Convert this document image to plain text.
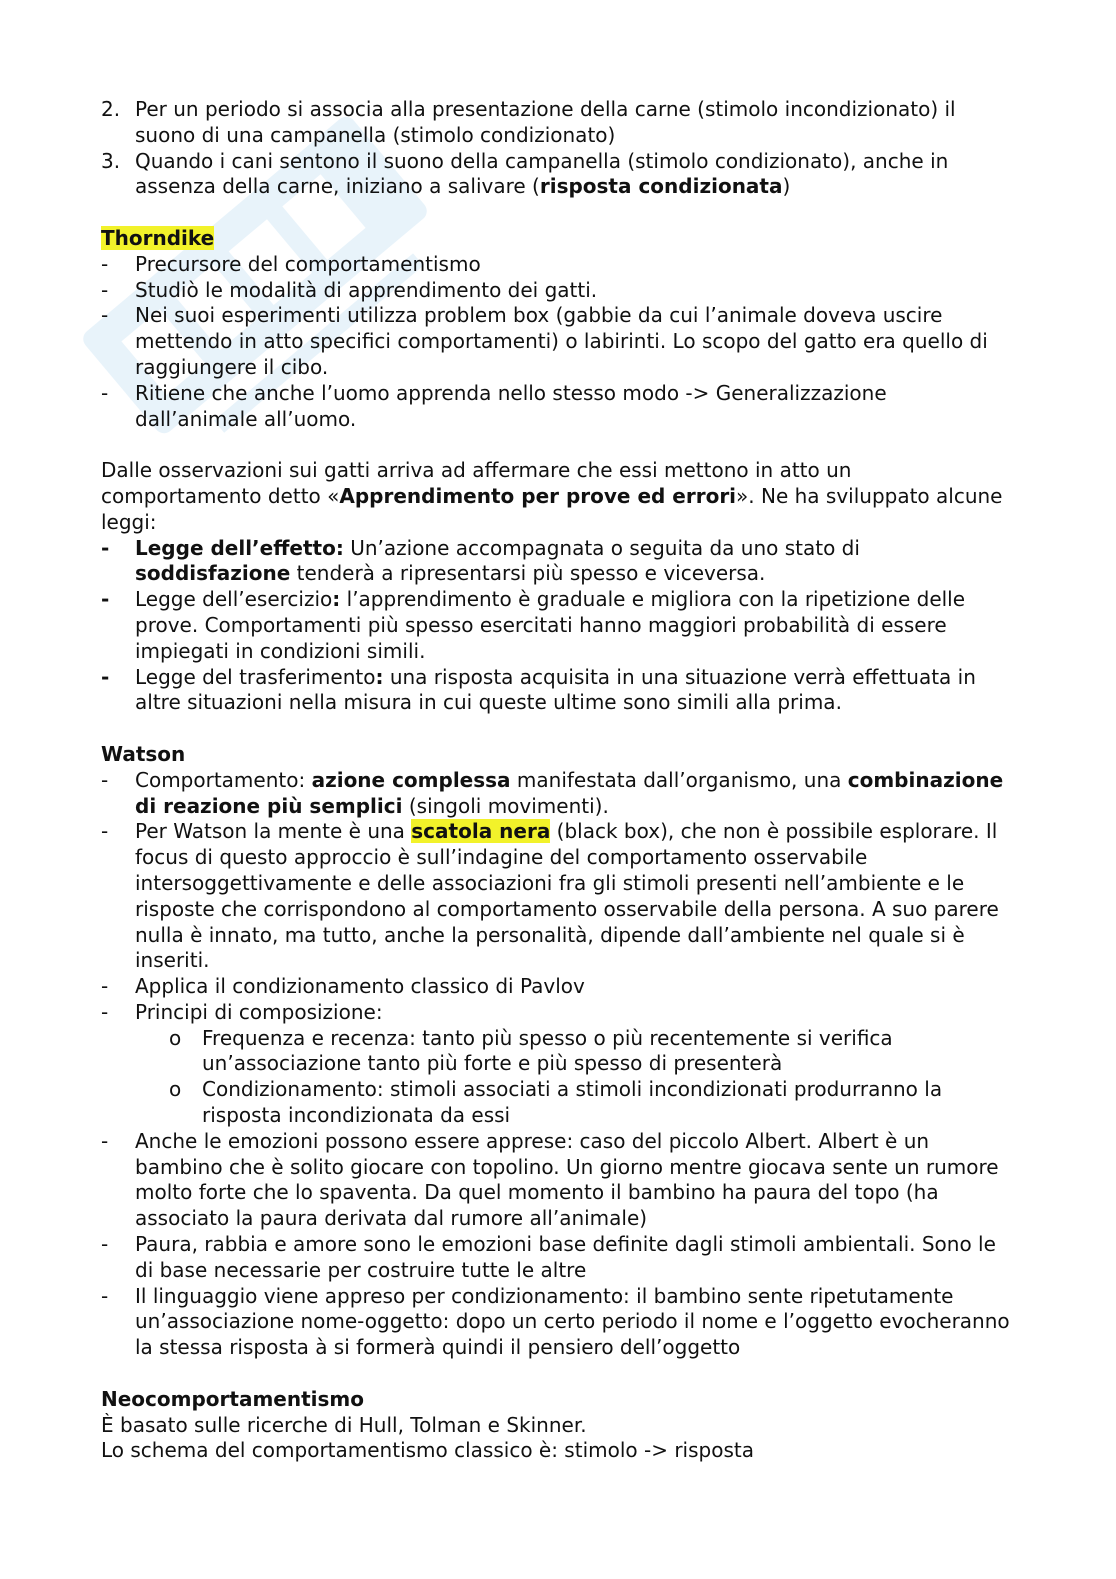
2. Per un periodo si associa alla presentazione della carne (stimolo incondizionato) il suono di una campanella (stimolo condizionato)
3. Quando i cani sentono il suono della campanella (stimolo condizionato), anche in assenza della carne, iniziano a salivare (risposta condizionata)
Thorndike
- Precursore del comportamentismo
- Studiò le modalità di apprendimento dei gatti.
- Nei suoi esperimenti utilizza problem box (gabbie da cui l’animale doveva uscire mettendo in atto specifici comportamenti) o labirinti. Lo scopo del gatto era quello di raggiungere il cibo.
- Ritiene che anche l’uomo apprenda nello stesso modo -> Generalizzazione dall’animale all’uomo.
Dalle osservazioni sui gatti arriva ad affermare che essi mettono in atto un comportamento detto «Apprendimento per prove ed errori». Ne ha sviluppato alcune leggi:
- Legge dell’effetto: Un’azione accompagnata o seguita da uno stato di soddisfazione tenderà a ripresentarsi più spesso e viceversa.
- Legge dell’esercizio: l’apprendimento è graduale e migliora con la ripetizione delle prove. Comportamenti più spesso esercitati hanno maggiori probabilità di essere impiegati in condizioni simili.
- Legge del trasferimento: una risposta acquisita in una situazione verrà effettuata in altre situazioni nella misura in cui queste ultime sono simili alla prima.
Watson
- Comportamento: azione complessa manifestata dall’organismo, una combinazione di reazione più semplici (singoli movimenti).
- Per Watson la mente è una scatola nera (black box), che non è possibile esplorare. Il focus di questo approccio è sull’indagine del comportamento osservabile intersoggettivamente e delle associazioni fra gli stimoli presenti nell’ambiente e le risposte che corrispondono al comportamento osservabile della persona. A suo parere nulla è innato, ma tutto, anche la personalità, dipende dall’ambiente nel quale si è inseriti.
- Applica il condizionamento classico di Pavlov
- Principi di composizione:
o Frequenza e recenza: tanto più spesso o più recentemente si verifica un’associazione tanto più forte e più spesso di presenterà
o Condizionamento: stimoli associati a stimoli incondizionati produrranno la risposta incondizionata da essi
- Anche le emozioni possono essere apprese: caso del piccolo Albert. Albert è un bambino che è solito giocare con topolino. Un giorno mentre giocava sente un rumore molto forte che lo spaventa. Da quel momento il bambino ha paura del topo (ha associato la paura derivata dal rumore all’animale)
- Paura, rabbia e amore sono le emozioni base definite dagli stimoli ambientali. Sono le di base necessarie per costruire tutte le altre
- Il linguaggio viene appreso per condizionamento: il bambino sente ripetutamente un’associazione nome-oggetto: dopo un certo periodo il nome e l’oggetto evocheranno la stessa risposta à si formerà quindi il pensiero dell’oggetto
Neocomportamentismo
È basato sulle ricerche di Hull, Tolman e Skinner.
Lo schema del comportamentismo classico è: stimolo -> risposta
